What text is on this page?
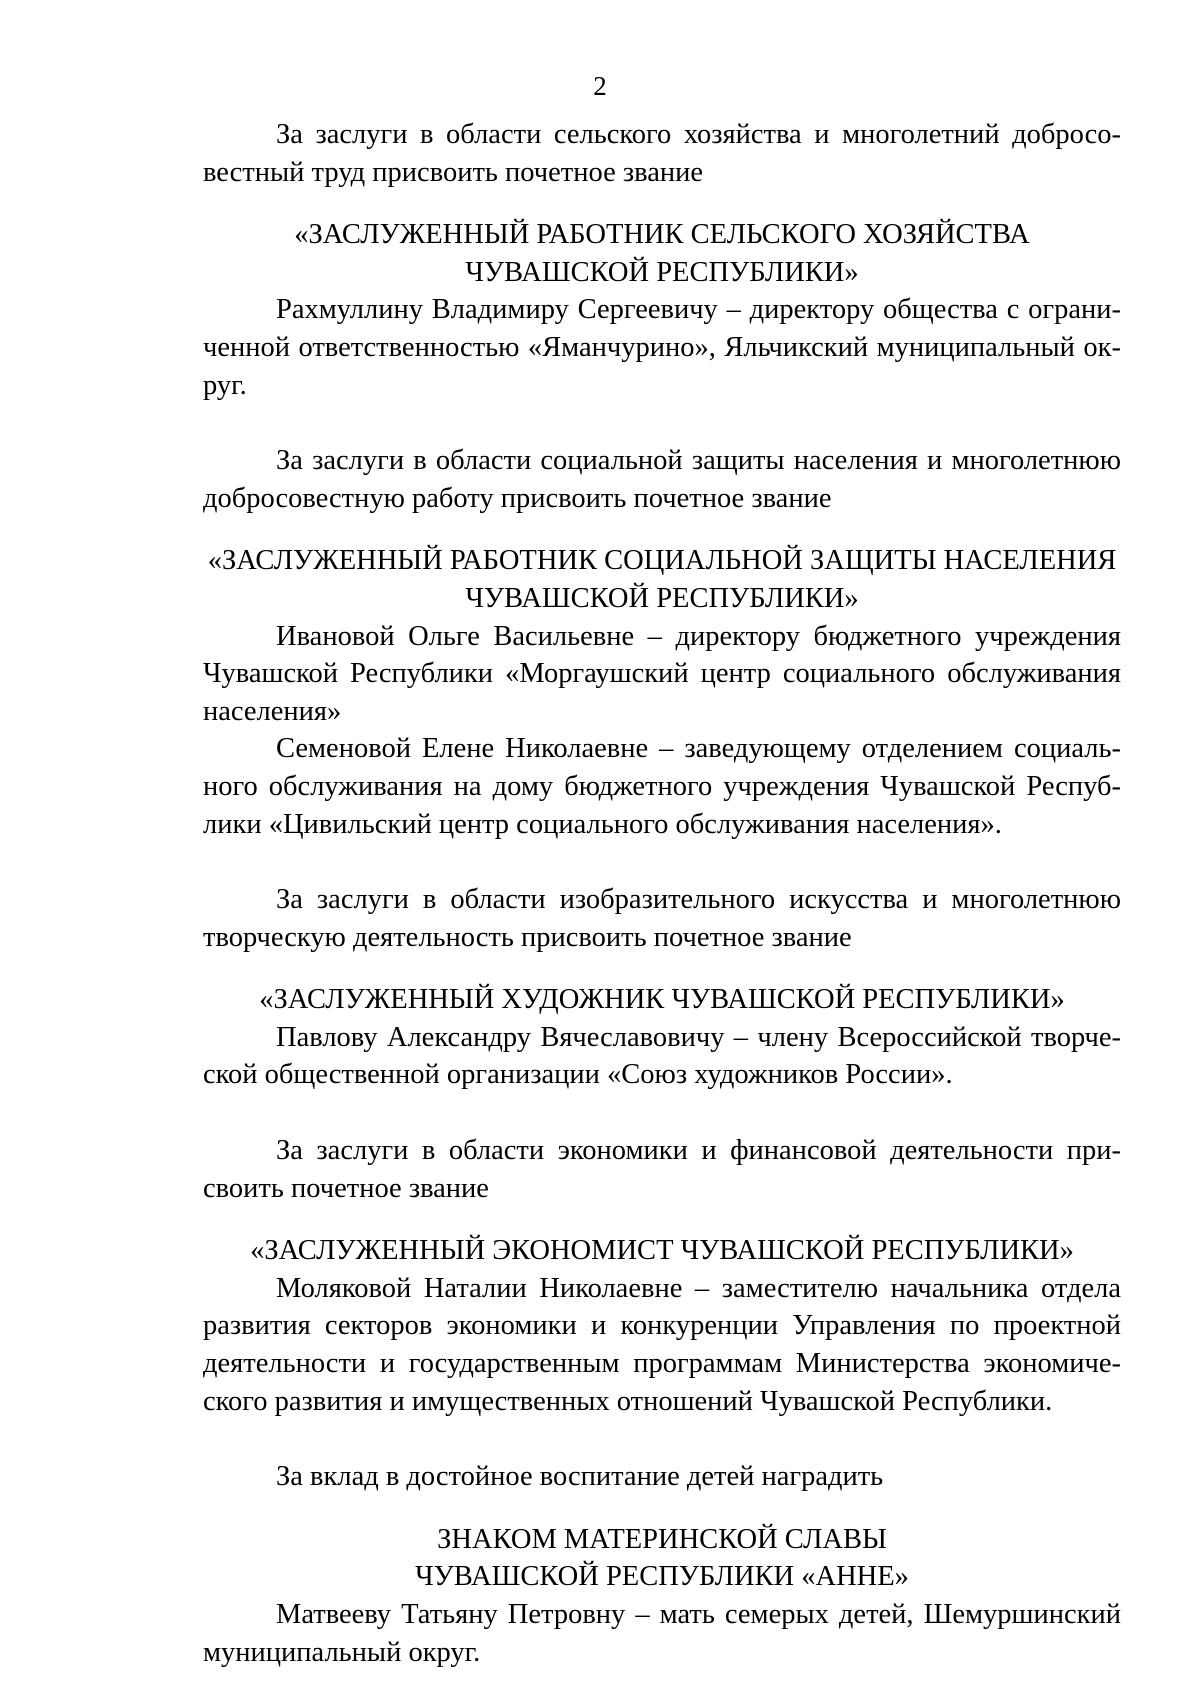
2

За заслуги в области сельского хозяйства и многолетний добросовестный труд присвоить почетное звание

«ЗАСЛУЖЕННЫЙ РАБОТНИК СЕЛЬСКОГО ХОЗЯЙСТВА
ЧУВАШСКОЙ РЕСПУБЛИКИ»

Рахмуллину Владимиру Сергеевичу – директору общества с ограниченной ответственностью «Яманчурино», Яльчикский муниципальный округ.

За заслуги в области социальной защиты населения и многолетнюю добросовестную работу присвоить почетное звание

«ЗАСЛУЖЕННЫЙ РАБОТНИК СОЦИАЛЬНОЙ ЗАЩИТЫ НАСЕЛЕНИЯ
ЧУВАШСКОЙ РЕСПУБЛИКИ»

Ивановой Ольге Васильевне – директору бюджетного учреждения Чувашской Республики «Моргаушский центр социального обслуживания населения»

Семеновой Елене Николаевне – заведующему отделением социального обслуживания на дому бюджетного учреждения Чувашской Республики «Цивильский центр социального обслуживания населения».

За заслуги в области изобразительного искусства и многолетнюю творческую деятельность присвоить почетное звание

«ЗАСЛУЖЕННЫЙ ХУДОЖНИК ЧУВАШСКОЙ РЕСПУБЛИКИ»

Павлову Александру Вячеславовичу – члену Всероссийской творческой общественной организации «Союз художников России».

За заслуги в области экономики и финансовой деятельности присвоить почетное звание

«ЗАСЛУЖЕННЫЙ ЭКОНОМИСТ ЧУВАШСКОЙ РЕСПУБЛИКИ»

Моляковой Наталии Николаевне – заместителю начальника отдела развития секторов экономики и конкуренции Управления по проектной деятельности и государственным программам Министерства экономического развития и имущественных отношений Чувашской Республики.

За вклад в достойное воспитание детей наградить

ЗНАКОМ МАТЕРИНСКОЙ СЛАВЫ
ЧУВАШСКОЙ РЕСПУБЛИКИ «АННЕ»

Матвееву Татьяну Петровну – мать семерых детей, Шемуршинский муниципальный округ.
